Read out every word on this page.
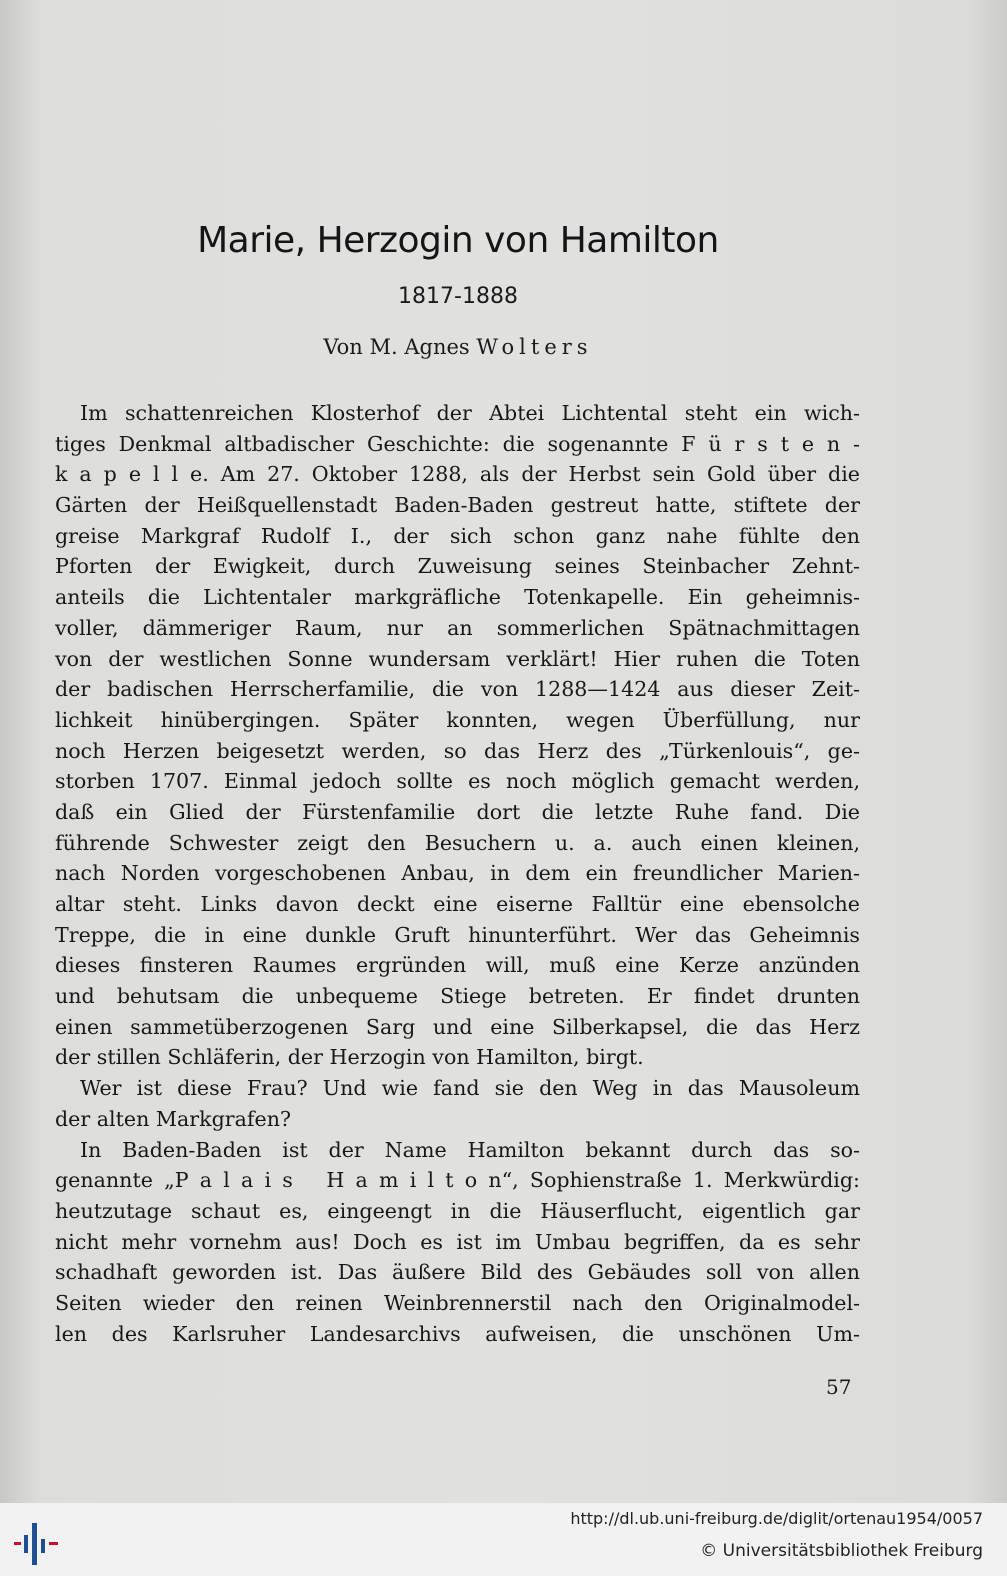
Marie, Herzogin von Hamilton
1817-1888
Von M. Agnes Wolters
Im schattenreichen Klosterhof der Abtei Lichtental steht ein wich-
tiges Denkmal altbadischer Geschichte: die sogenannte F ü r s t e n -
k a p e l l e. Am 27. Oktober 1288, als der Herbst sein Gold über die
Gärten der Heißquellenstadt Baden-Baden gestreut hatte, stiftete der
greise Markgraf Rudolf I., der sich schon ganz nahe fühlte den
Pforten der Ewigkeit, durch Zuweisung seines Steinbacher Zehnt-
anteils die Lichtentaler markgräfliche Totenkapelle. Ein geheimnis-
voller, dämmeriger Raum, nur an sommerlichen Spätnachmittagen
von der westlichen Sonne wundersam verklärt! Hier ruhen die Toten
der badischen Herrscherfamilie, die von 1288—1424 aus dieser Zeit-
lichkeit hinübergingen. Später konnten, wegen Überfüllung, nur
noch Herzen beigesetzt werden, so das Herz des „Türkenlouis“, ge-
storben 1707. Einmal jedoch sollte es noch möglich gemacht werden,
daß ein Glied der Fürstenfamilie dort die letzte Ruhe fand. Die
führende Schwester zeigt den Besuchern u. a. auch einen kleinen,
nach Norden vorgeschobenen Anbau, in dem ein freundlicher Marien-
altar steht. Links davon deckt eine eiserne Falltür eine ebensolche
Treppe, die in eine dunkle Gruft hinunterführt. Wer das Geheimnis
dieses finsteren Raumes ergründen will, muß eine Kerze anzünden
und behutsam die unbequeme Stiege betreten. Er findet drunten
einen sammetüberzogenen Sarg und eine Silberkapsel, die das Herz
der stillen Schläferin, der Herzogin von Hamilton, birgt.
Wer ist diese Frau? Und wie fand sie den Weg in das Mausoleum
der alten Markgrafen?
In Baden-Baden ist der Name Hamilton bekannt durch das so-
genannte „P a l a i s   H a m i l t o n“, Sophienstraße 1. Merkwürdig:
heutzutage schaut es, eingeengt in die Häuserflucht, eigentlich gar
nicht mehr vornehm aus! Doch es ist im Umbau begriffen, da es sehr
schadhaft geworden ist. Das äußere Bild des Gebäudes soll von allen
Seiten wieder den reinen Weinbrennerstil nach den Originalmodel-
len des Karlsruher Landesarchivs aufweisen, die unschönen Um-
57
http://dl.ub.uni-freiburg.de/diglit/ortenau1954/0057
© Universitätsbibliothek Freiburg
